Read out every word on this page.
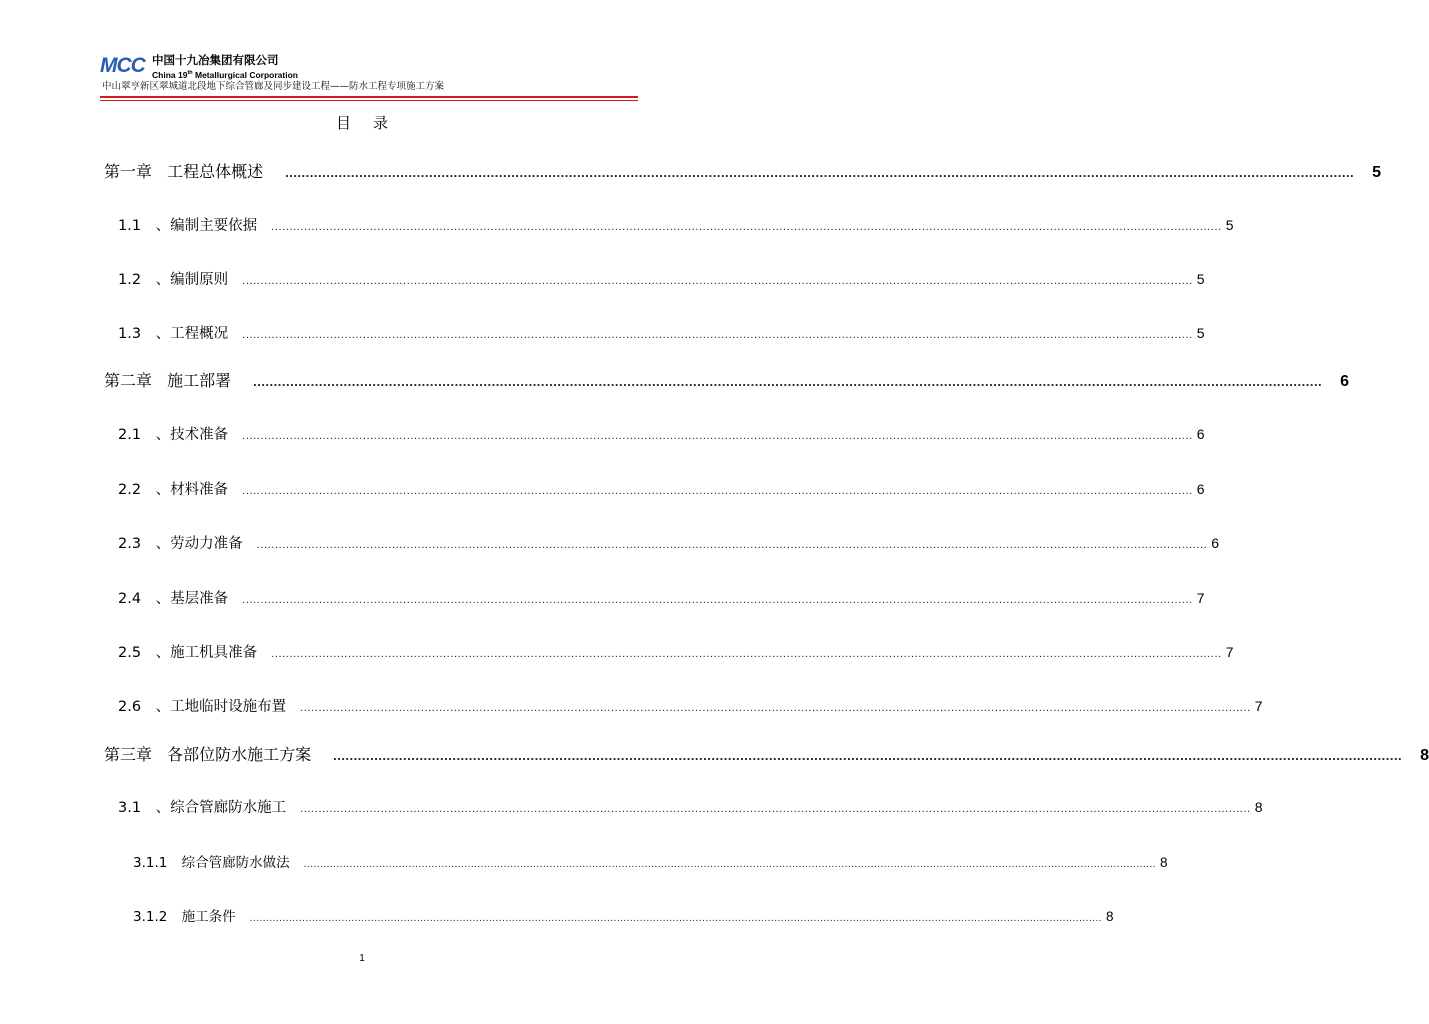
MCC 中国十九冶集团有限公司
China 19th Metallurgical Corporation
中山翠亨新区翠城道北段地下综合管廊及同步建设工程——防水工程专项施工方案
目录
第一章 工程总体概述 .................................................................................................................................................................................................................................................................... 5
1.1 、编制主要依据 .................................................................................................................................................................................................................................................................... 5
1.2 、编制原则 .................................................................................................................................................................................................................................................................... 5
1.3 、工程概况 .................................................................................................................................................................................................................................................................... 5
第二章 施工部署 .................................................................................................................................................................................................................................................................... 6
2.1 、技术准备 .................................................................................................................................................................................................................................................................... 6
2.2 、材料准备 .................................................................................................................................................................................................................................................................... 6
2.3 、劳动力准备 .................................................................................................................................................................................................................................................................... 6
2.4 、基层准备 .................................................................................................................................................................................................................................................................... 7
2.5 、施工机具准备 .................................................................................................................................................................................................................................................................... 7
2.6 、工地临时设施布置 .................................................................................................................................................................................................................................................................... 7
第三章 各部位防水施工方案 .................................................................................................................................................................................................................................................................... 8
3.1 、综合管廊防水施工 .................................................................................................................................................................................................................................................................... 8
3.1.1 综合管廊防水做法 .................................................................................................................................................................................................................................................................... 8
3.1.2 施工条件 .................................................................................................................................................................................................................................................................... 8
1
